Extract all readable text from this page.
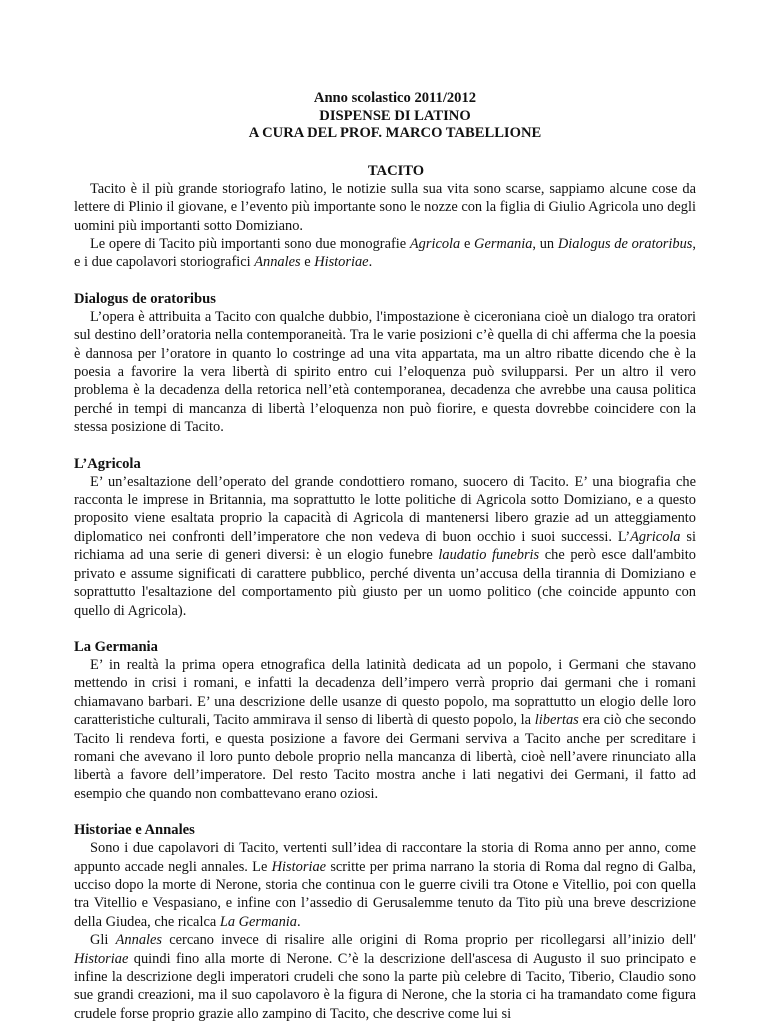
Anno scolastico 2011/2012
DISPENSE DI LATINO
A CURA DEL PROF. MARCO TABELLIONE
TACITO

Tacito è il più grande storiografo latino, le notizie sulla sua vita sono scarse, sappiamo alcune cose da lettere di Plinio il giovane, e l’evento più importante sono le nozze con la figlia di Giulio Agricola uno degli uomini più importanti sotto Domiziano.

Le opere di Tacito più importanti sono due monografie Agricola e Germania, un Dialogus de oratoribus, e i due capolavori storiografici Annales e Historiae.

Dialogus de oratoribus

L’opera è attribuita a Tacito con qualche dubbio, l'impostazione è ciceroniana cioè un dialogo tra oratori sul destino dell’oratoria nella contemporaneità. Tra le varie posizioni c’è quella di chi afferma che la poesia è dannosa per l’oratore in quanto lo costringe ad una vita appartata, ma un altro ribatte dicendo che è la poesia a favorire la vera libertà di spirito entro cui l’eloquenza può svilupparsi. Per un altro il vero problema è la decadenza della retorica nell’età contemporanea, decadenza che avrebbe una causa politica perché in tempi di mancanza di libertà l’eloquenza non può fiorire, e questa dovrebbe coincidere con la stessa posizione di Tacito.

L’Agricola

E’ un’esaltazione dell’operato del grande condottiero romano, suocero di Tacito. E’ una biografia che racconta le imprese in Britannia, ma soprattutto le lotte politiche di Agricola sotto Domiziano, e a questo proposito viene esaltata proprio la capacità di Agricola di mantenersi libero grazie ad un atteggiamento diplomatico nei confronti dell’imperatore che non vedeva di buon occhio i suoi successi. L’Agricola si richiama ad una serie di generi diversi: è un elogio funebre laudatio funebris che però esce dall'ambito privato e assume significati di carattere pubblico, perché diventa un’accusa della tirannia di Domiziano e soprattutto l'esaltazione del comportamento più giusto per un uomo politico (che coincide appunto con quello di Agricola).

La Germania

E’ in realtà la prima opera etnografica della latinità dedicata ad un popolo, i Germani che stavano mettendo in crisi i romani, e infatti la decadenza dell’impero verrà proprio dai germani che i romani chiamavano barbari. E’ una descrizione delle usanze di questo popolo, ma soprattutto un elogio delle loro caratteristiche culturali, Tacito ammirava il senso di libertà di questo popolo, la libertas era ciò che secondo Tacito li rendeva forti, e questa posizione a favore dei Germani serviva a Tacito anche per screditare i romani che avevano il loro punto debole proprio nella mancanza di libertà, cioè nell’avere rinunciato alla libertà a favore dell’imperatore. Del resto Tacito mostra anche i lati negativi dei Germani, il fatto ad esempio che quando non combattevano erano oziosi.

Historiae e Annales

Sono i due capolavori di Tacito, vertenti sull’idea di raccontare la storia di Roma anno per anno, come appunto accade negli annales. Le Historiae scritte per prima narrano la storia di Roma dal regno di Galba, ucciso dopo la morte di Nerone, storia che continua con le guerre civili tra Otone e Vitellio, poi con quella tra Vitellio e Vespasiano, e infine con l’assedio di Gerusalemme tenuto da Tito più una breve descrizione della Giudea, che ricalca La Germania.

Gli Annales cercano invece di risalire alle origini di Roma proprio per ricollegarsi all’inizio dell' Historiae quindi fino alla morte di Nerone. C’è la descrizione dell'ascesa di Augusto il suo principato e infine la descrizione degli imperatori crudeli che sono la parte più celebre di Tacito, Tiberio, Claudio sono sue grandi creazioni, ma il suo capolavoro è la figura di Nerone, che la storia ci ha tramandato come figura crudele forse proprio grazie allo zampino di Tacito, che descrive come lui si
